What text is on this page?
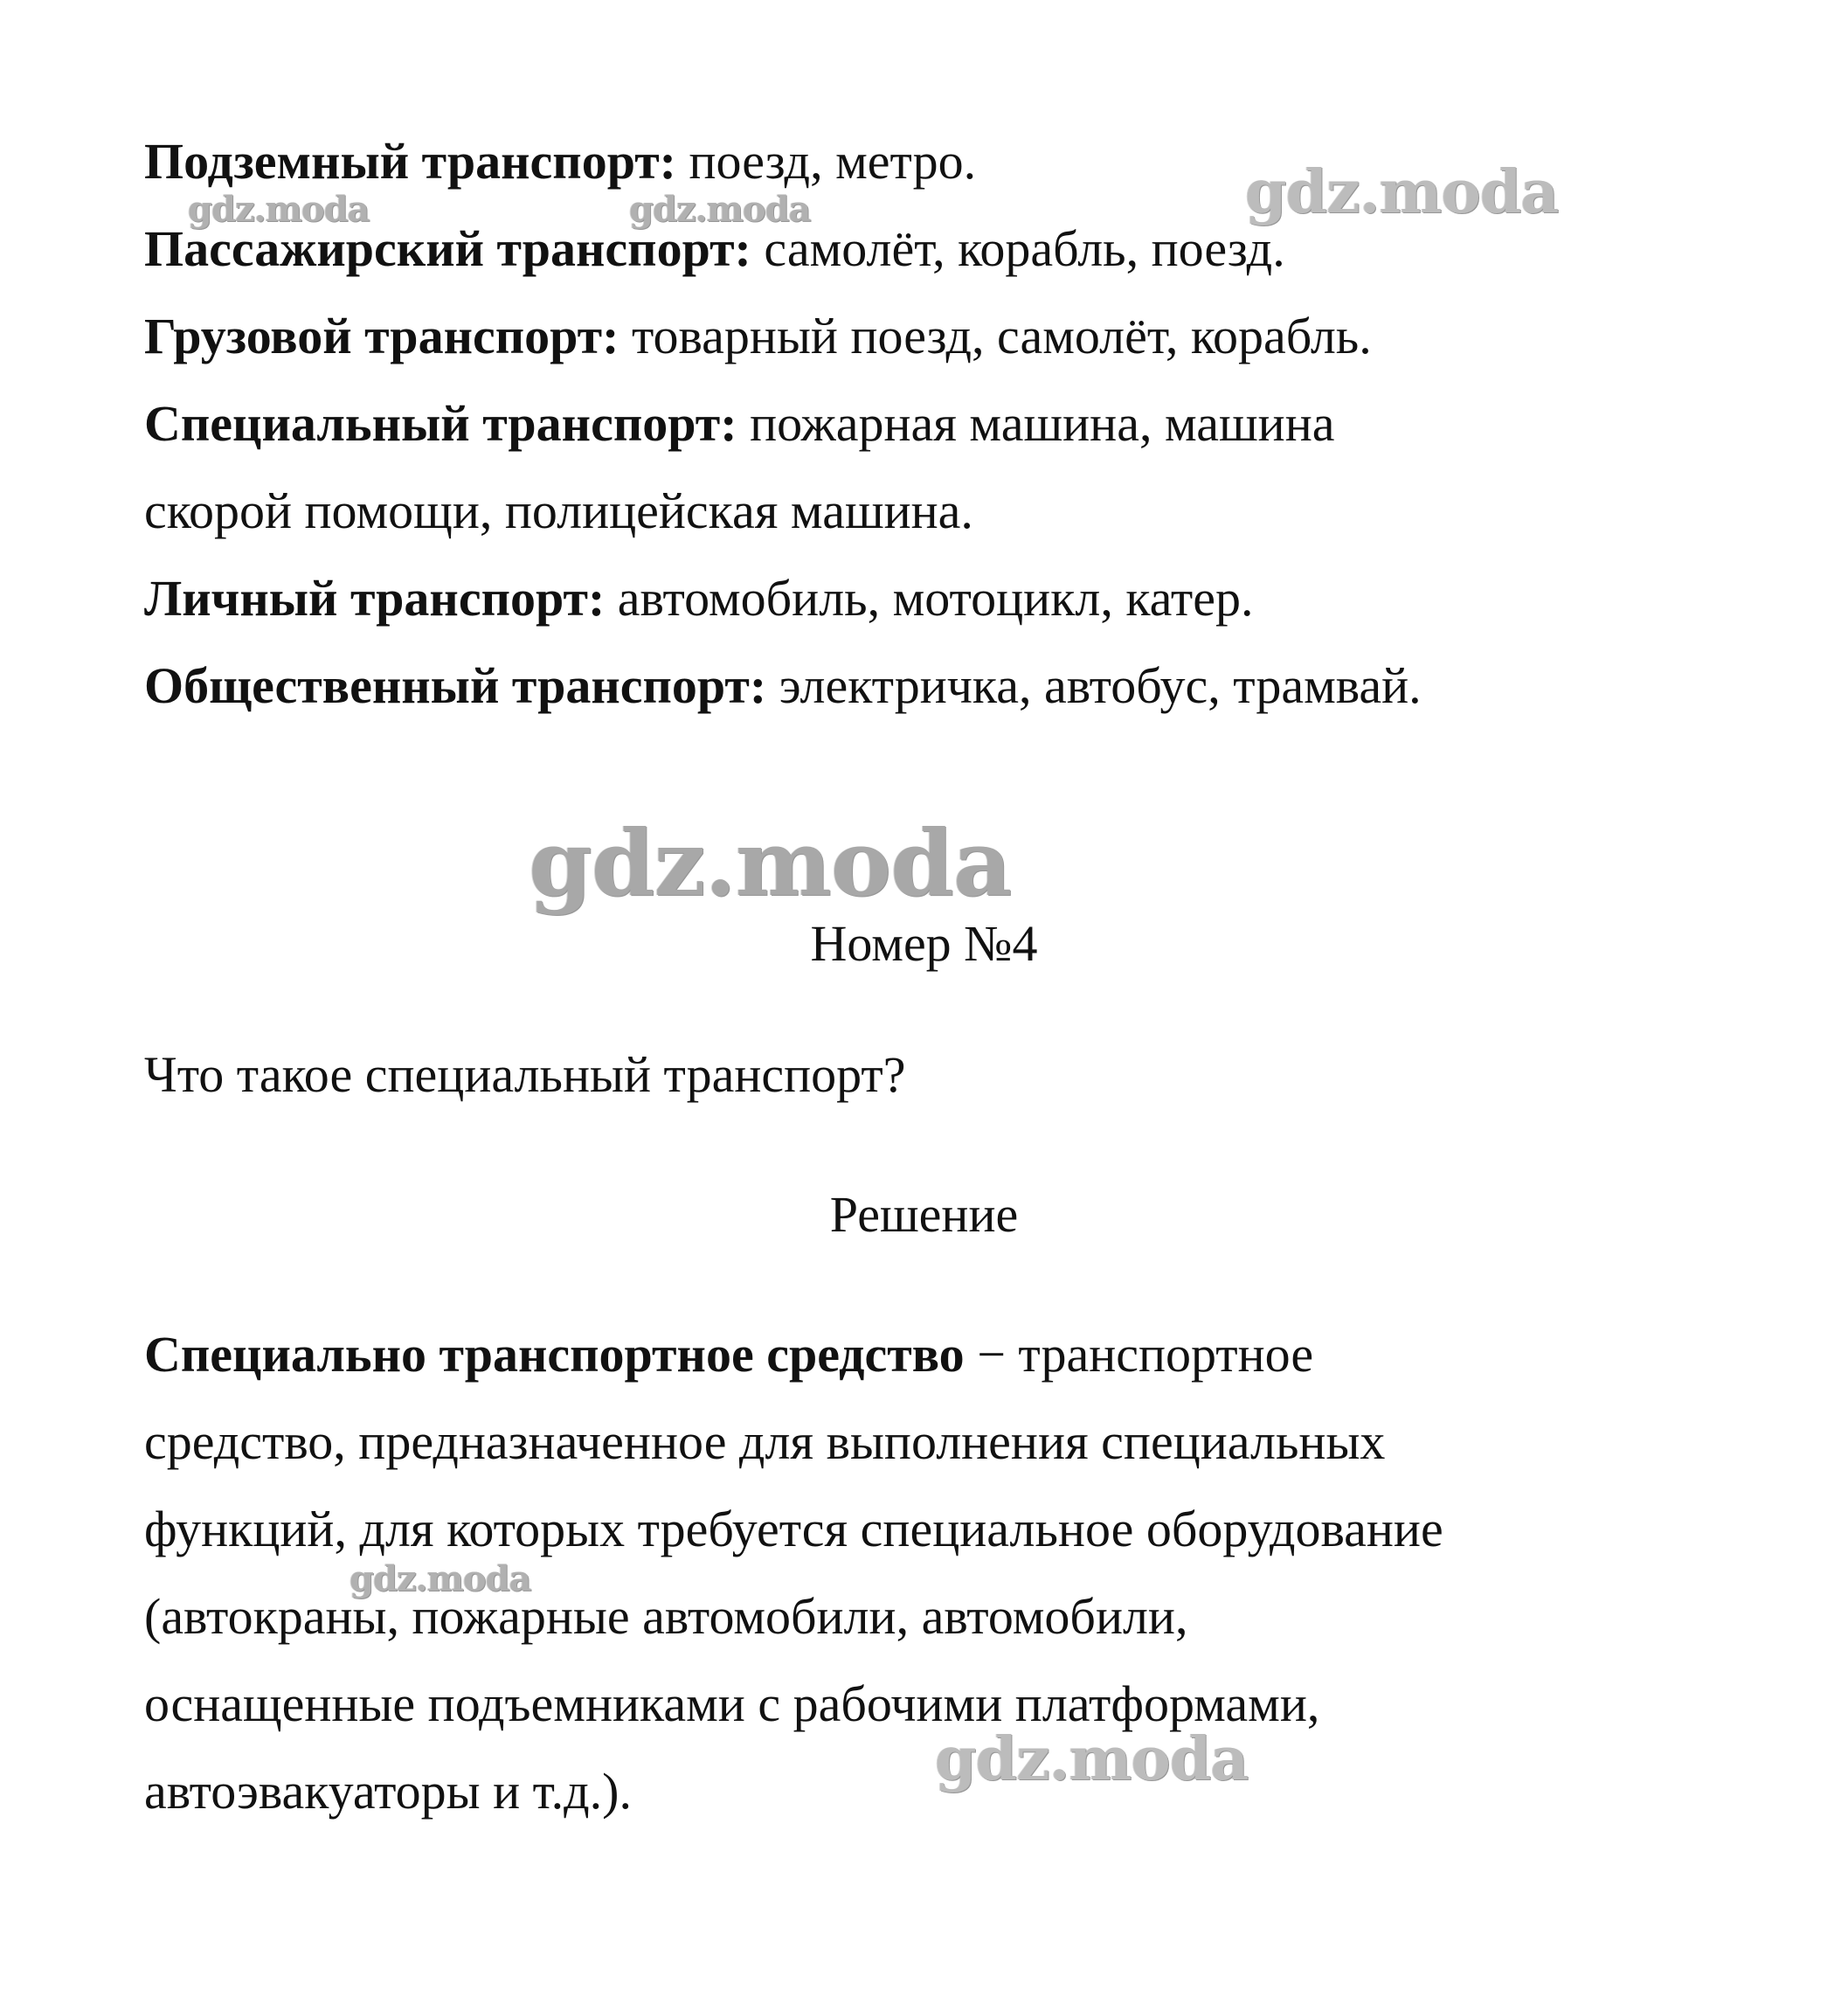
Подземный транспорт: поезд, метро.
Пассажирский транспорт: самолёт, корабль, поезд.
Грузовой транспорт: товарный поезд, самолёт, корабль.
Специальный транспорт: пожарная машина, машина
скорой помощи, полицейская машина.
Личный транспорт: автомобиль, мотоцикл, катер.
Общественный транспорт: электричка, автобус, трамвай.
Номер №4
Что такое специальный транспорт?
Решение
Специально транспортное средство − транспортное
средство, предназначенное для выполнения специальных
функций, для которых требуется специальное оборудование
(автокраны, пожарные автомобили, автомобили,
оснащенные подъемниками с рабочими платформами,
автоэвакуаторы и т.д.).
gdz.moda	gdz.moda	gdz.moda
gdz.moda
gdz.moda
gdz.moda
